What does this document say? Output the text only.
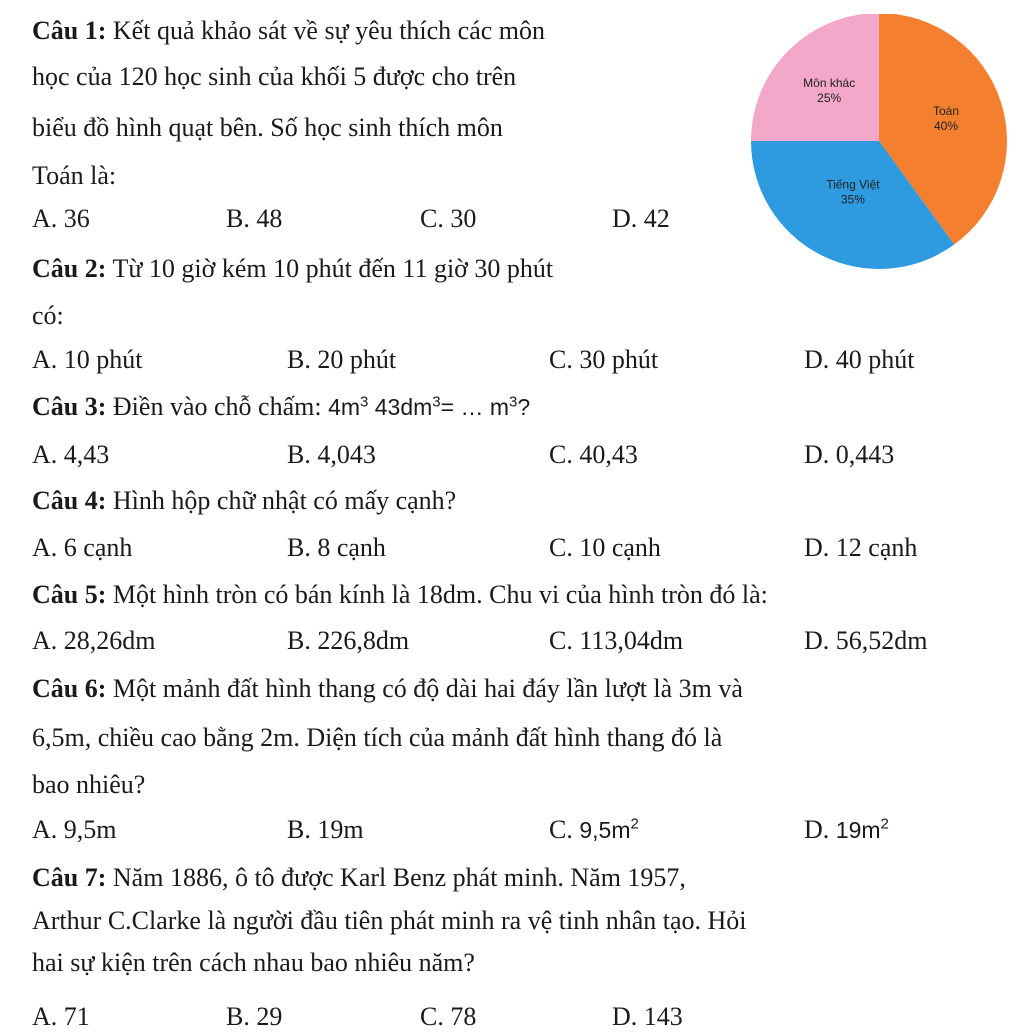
Câu 1: Kết quả khảo sát về sự yêu thích các môn
học của 120 học sinh của khối 5 được cho trên
biểu đồ hình quạt bên. Số học sinh thích môn
Toán là:
A. 36	B. 48	C. 30	D. 42
Toán
40%
Tiếng Việt
35%
Môn khác
25%
Câu 2: Từ 10 giờ kém 10 phút đến 11 giờ 30 phút
có:
A. 10 phút	B. 20 phút	C. 30 phút	D. 40 phút
Câu 3: Điền vào chỗ chấm: $4m^3$ $43dm^3=$ … $m^3$?
A. 4,43	B. 4,043	C. 40,43	D. 0,443
Câu 4: Hình hộp chữ nhật có mấy cạnh?
A. 6 cạnh	B. 8 cạnh	C. 10 cạnh	D. 12 cạnh
Câu 5: Một hình tròn có bán kính là 18dm. Chu vi của hình tròn đó là:
A. 28,26dm	B. 226,8dm	C. 113,04dm	D. 56,52dm
Câu 6: Một mảnh đất hình thang có độ dài hai đáy lần lượt là 3m và
6,5m, chiều cao bằng 2m. Diện tích của mảnh đất hình thang đó là
bao nhiêu?
A. 9,5m	B. 19m	C. $9,5m^2$	D. $19m^2$
Câu 7: Năm 1886, ô tô được Karl Benz phát minh. Năm 1957,
Arthur C.Clarke là người đầu tiên phát minh ra vệ tinh nhân tạo. Hỏi
hai sự kiện trên cách nhau bao nhiêu năm?
A. 71	B. 29	C. 78	D. 143
